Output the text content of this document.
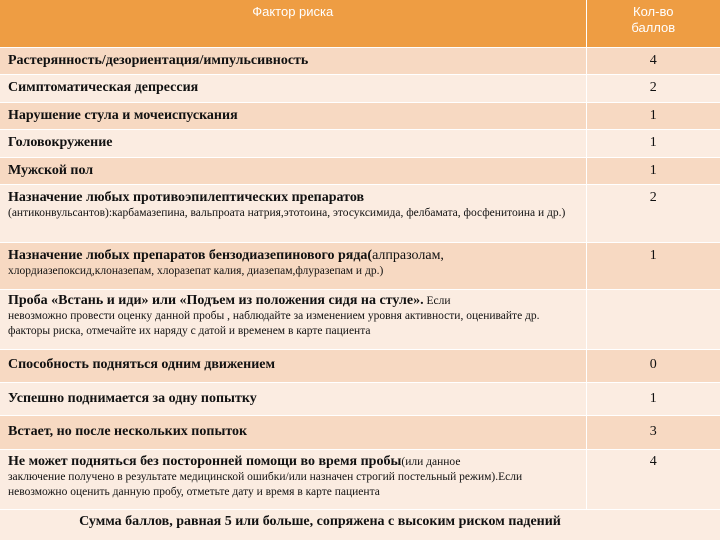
Фактор риска	Кол-во баллов

Растерянность/дезориентация/импульсивность	4

Симптоматическая депрессия	2

Нарушение стула и мочеиспускания	1

Головокружение	1

Мужской пол	1

Назначение любых противоэпилептических препаратов
(антиконвульсантов):карбамазепина, вальпроата натрия,этотоина, этосуксимида, фелбамата, фосфенитоина и др.)	2

Назначение любых препаратов бензодиазепинового ряда(алпразолам,
хлордиазепоксид,клоназепам, хлоразепат калия, диазепам,флуразепам и др.)	1

Проба «Встань и иди» или «Подъем из положения сидя на стуле». Если
невозможно провести оценку данной пробы , наблюдайте за изменением уровня активности, оценивайте др. факторы риска, отмечайте их наряду с датой и временем в карте пациента	

Способность подняться одним движением	0

Успешно поднимается за одну попытку	1

Встает, но после нескольких попыток	3

Не может подняться без посторонней помощи во время пробы(или данное
заключение получено в результате медицинской ошибки/или назначен строгий постельный режим).Если невозможно оценить данную пробу, отметьте дату и время в карте пациента	4

Сумма баллов, равная 5 или больше, сопряжена с высоким риском падений	
